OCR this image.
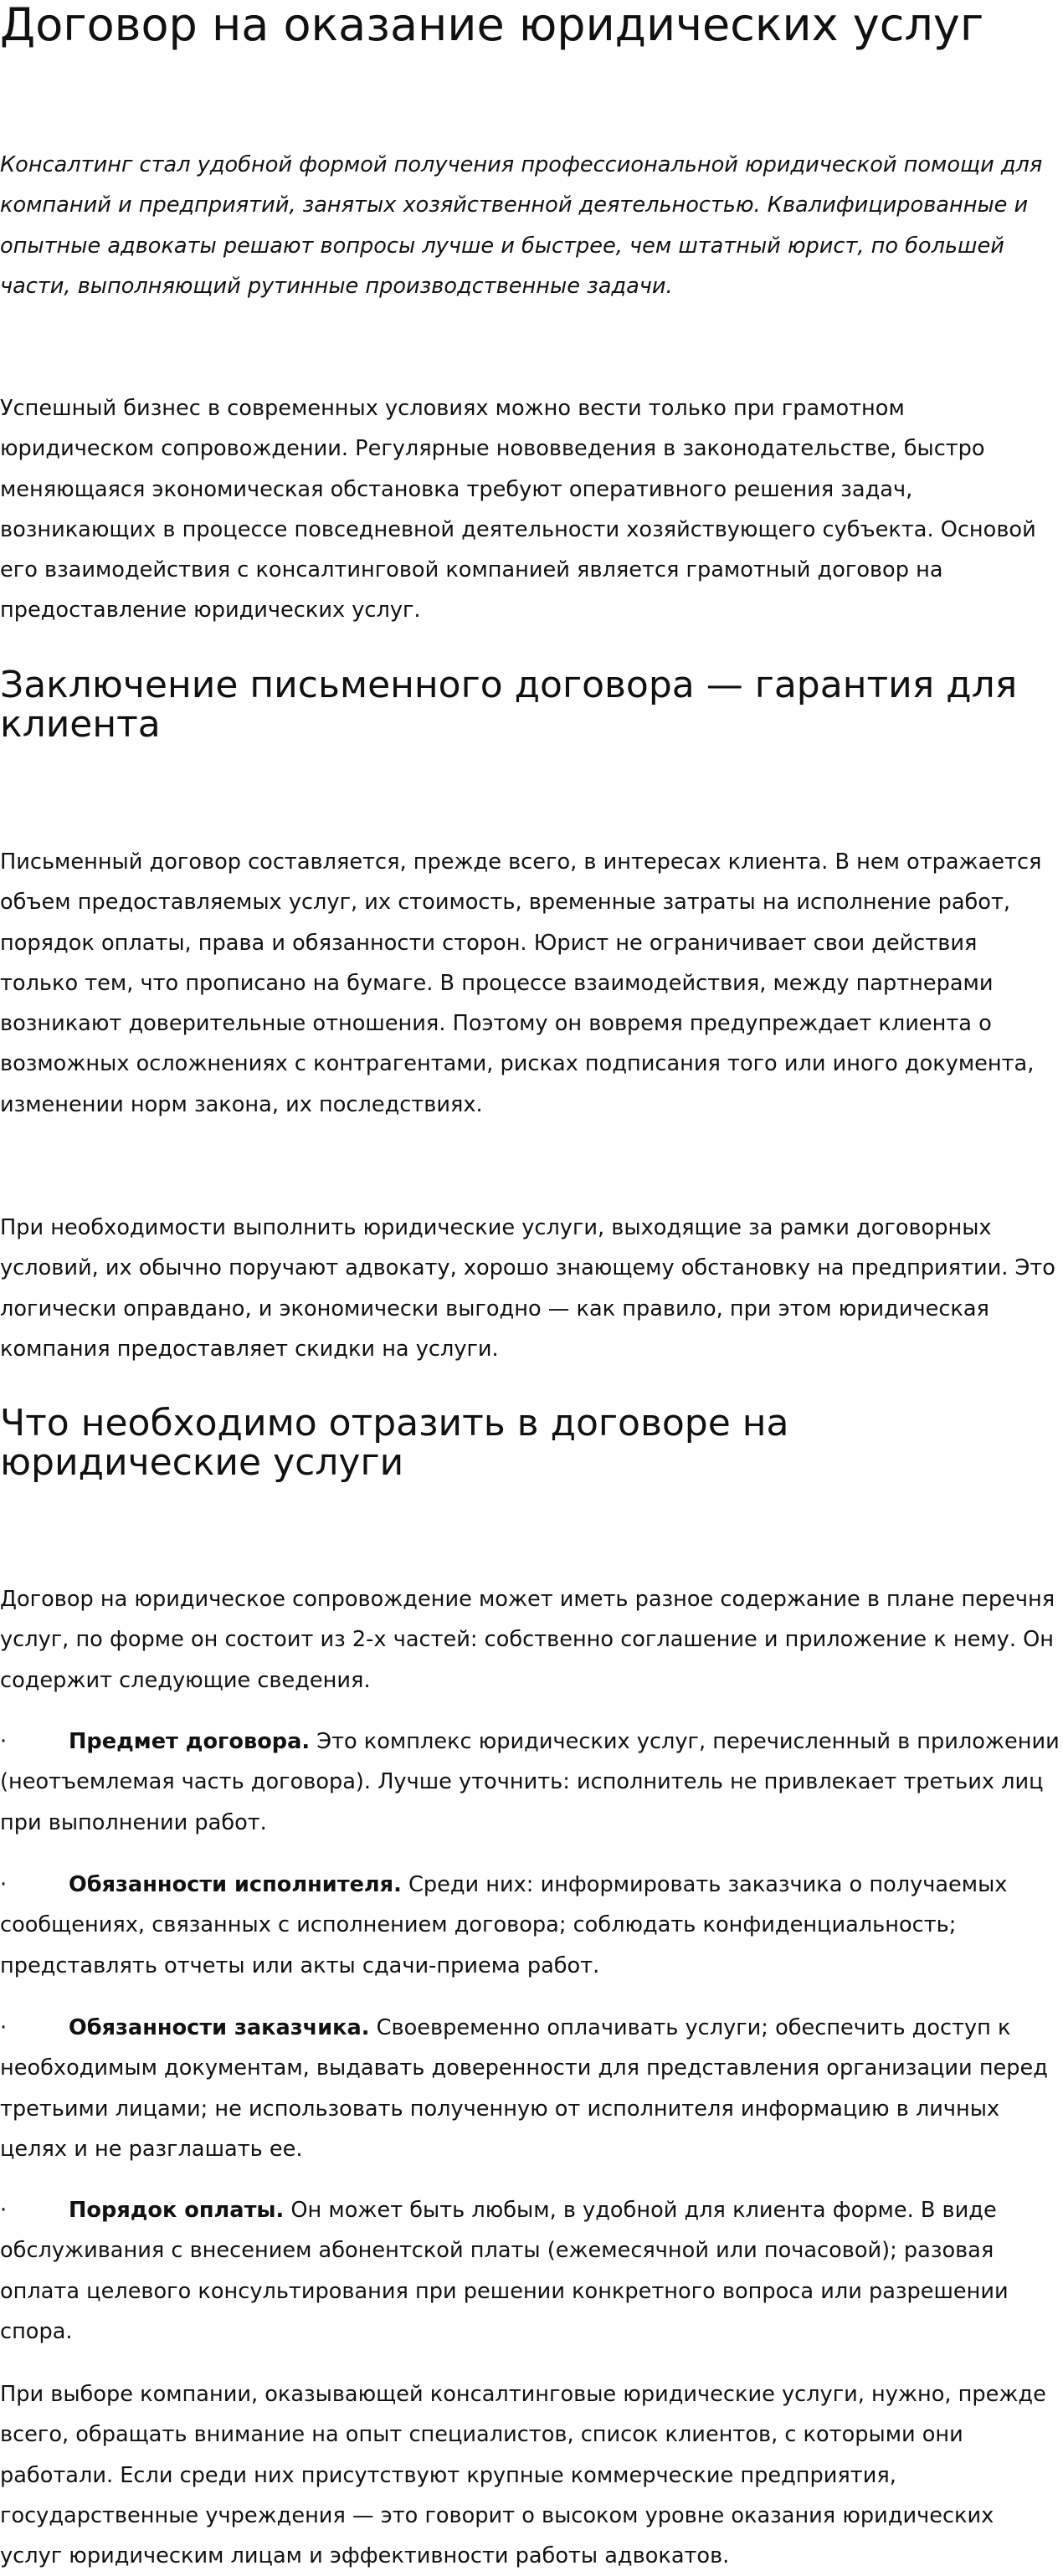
Договор на оказание юридических услуг

Консалтинг стал удобной формой получения профессиональной юридической помощи для компаний и предприятий, занятых хозяйственной деятельностью. Квалифицированные и опытные адвокаты решают вопросы лучше и быстрее, чем штатный юрист, по большей части, выполняющий рутинные производственные задачи.

Успешный бизнес в современных условиях можно вести только при грамотном юридическом сопровождении. Регулярные нововведения в законодательстве, быстро меняющаяся экономическая обстановка требуют оперативного решения задач, возникающих в процессе повседневной деятельности хозяйствующего субъекта. Основой его взаимодействия с консалтинговой компанией является грамотный договор на предоставление юридических услуг.

Заключение письменного договора — гарантия для клиента

Письменный договор составляется, прежде всего, в интересах клиента. В нем отражается объем предоставляемых услуг, их стоимость, временные затраты на исполнение работ, порядок оплаты, права и обязанности сторон. Юрист не ограничивает свои действия только тем, что прописано на бумаге. В процессе взаимодействия, между партнерами возникают доверительные отношения. Поэтому он вовремя предупреждает клиента о возможных осложнениях с контрагентами, рисках подписания того или иного документа, изменении норм закона, их последствиях.

При необходимости выполнить юридические услуги, выходящие за рамки договорных условий, их обычно поручают адвокату, хорошо знающему обстановку на предприятии. Это логически оправдано, и экономически выгодно — как правило, при этом юридическая компания предоставляет скидки на услуги.

Что необходимо отразить в договоре на юридические услуги

Договор на юридическое сопровождение может иметь разное содержание в плане перечня услуг, по форме он состоит из 2-х частей: собственно соглашение и приложение к нему. Он содержит следующие сведения.

·	Предмет договора. Это комплекс юридических услуг, перечисленный в приложении (неотъемлемая часть договора). Лучше уточнить: исполнитель не привлекает третьих лиц при выполнении работ.
·	Обязанности исполнителя. Среди них: информировать заказчика о получаемых сообщениях, связанных с исполнением договора; соблюдать конфиденциальность; представлять отчеты или акты сдачи-приема работ.
·	Обязанности заказчика. Своевременно оплачивать услуги; обеспечить доступ к необходимым документам, выдавать доверенности для представления организации перед третьими лицами; не использовать полученную от исполнителя информацию в личных целях и не разглашать ее.
·	Порядок оплаты. Он может быть любым, в удобной для клиента форме. В виде обслуживания с внесением абонентской платы (ежемесячной или почасовой); разовая оплата целевого консультирования при решении конкретного вопроса или разрешении спора.

При выборе компании, оказывающей консалтинговые юридические услуги, нужно, прежде всего, обращать внимание на опыт специалистов, список клиентов, с которыми они работали. Если среди них присутствуют крупные коммерческие предприятия, государственные учреждения — это говорит о высоком уровне оказания юридических услуг юридическим лицам и эффективности работы адвокатов.
